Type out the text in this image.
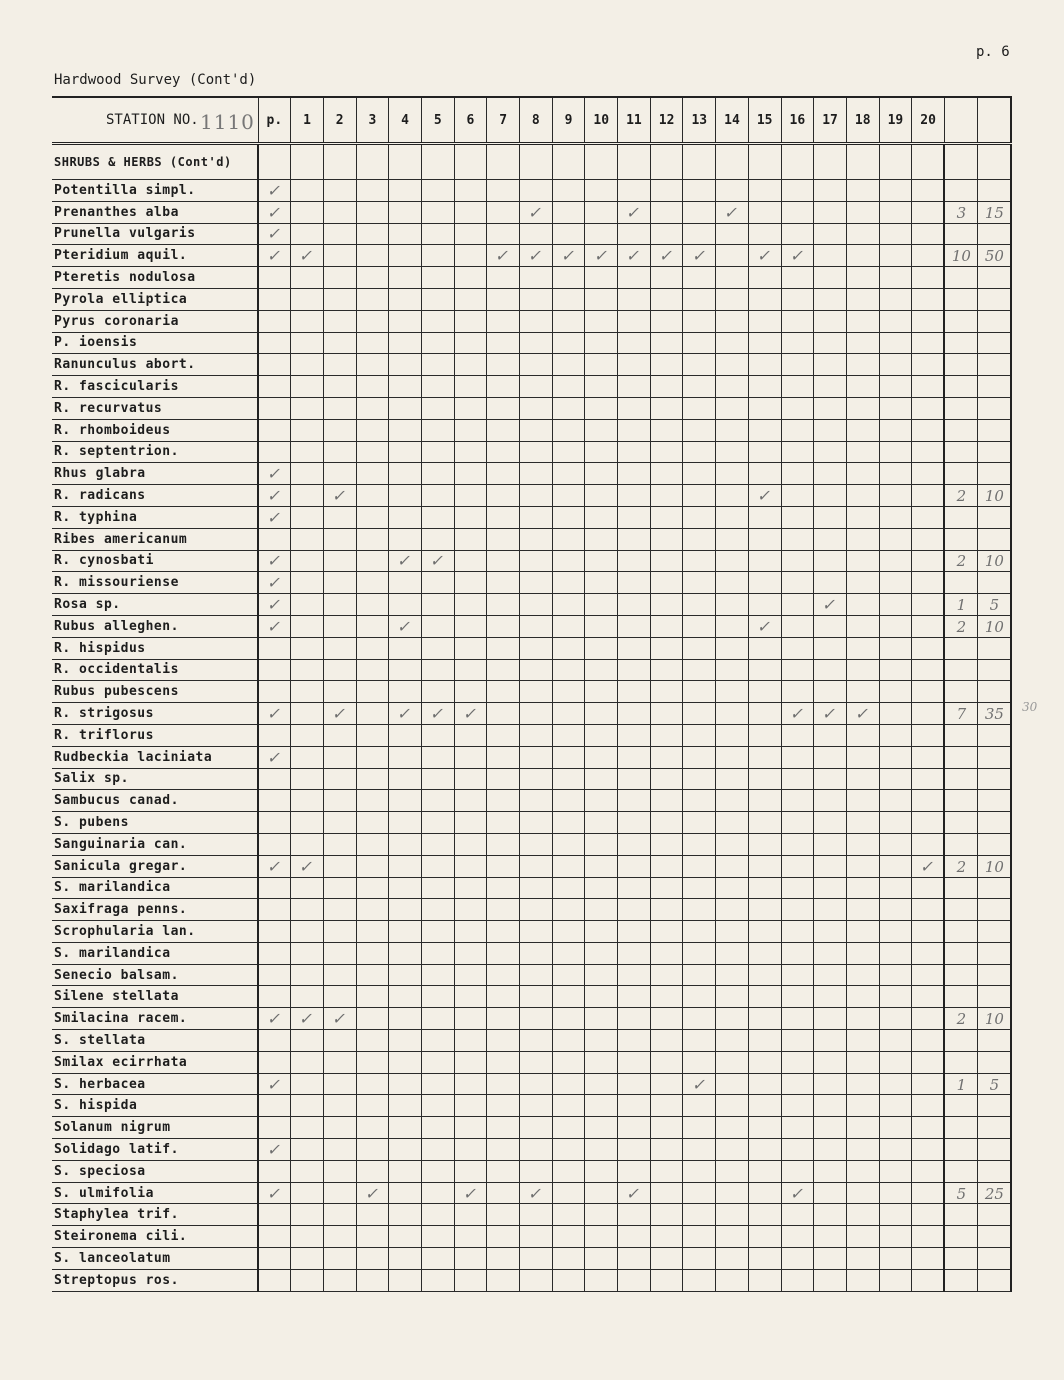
p. 6
Hardwood Survey (Cont'd)
30
STATION NO. 1110	p.	1	2	3	4	5	6	7	8	9	10	11	12	13	14	15	16	17	18	19	20		
SHRUBS & HERBS (Cont'd)																							
Potentilla simpl.	✓																						
Prenanthes alba	✓								✓			✓			✓							3	15
Prunella vulgaris	✓																						
Pteridium aquil.	✓	✓						✓	✓	✓	✓	✓	✓	✓		✓	✓					10	50
Pteretis nodulosa																							
Pyrola elliptica																							
Pyrus coronaria																							
P. ioensis																							
Ranunculus abort.																							
R. fascicularis																							
R. recurvatus																							
R. rhomboideus																							
R. septentrion.																							
Rhus glabra	✓																						
R. radicans	✓		✓													✓						2	10
R. typhina	✓																						
Ribes americanum																							
R. cynosbati	✓				✓	✓																2	10
R. missouriense	✓																						
Rosa sp.	✓																	✓				1	5
Rubus alleghen.	✓				✓											✓						2	10
R. hispidus																							
R. occidentalis																							
Rubus pubescens																							
R. strigosus	✓		✓		✓	✓	✓										✓	✓	✓			7	35
R. triflorus																							
Rudbeckia laciniata	✓																						
Salix sp.																							
Sambucus canad.																							
S. pubens																							
Sanguinaria can.																							
Sanicula gregar.	✓	✓																			✓	2	10
S. marilandica																							
Saxifraga penns.																							
Scrophularia lan.																							
S. marilandica																							
Senecio balsam.																							
Silene stellata																							
Smilacina racem.	✓	✓	✓																			2	10
S. stellata																							
Smilax ecirrhata																							
S. herbacea	✓													✓								1	5
S. hispida																							
Solanum nigrum																							
Solidago latif.	✓																						
S. speciosa																							
S. ulmifolia	✓			✓			✓		✓			✓					✓					5	25
Staphylea trif.																							
Steironema cili.																							
S. lanceolatum																							
Streptopus ros.																							
